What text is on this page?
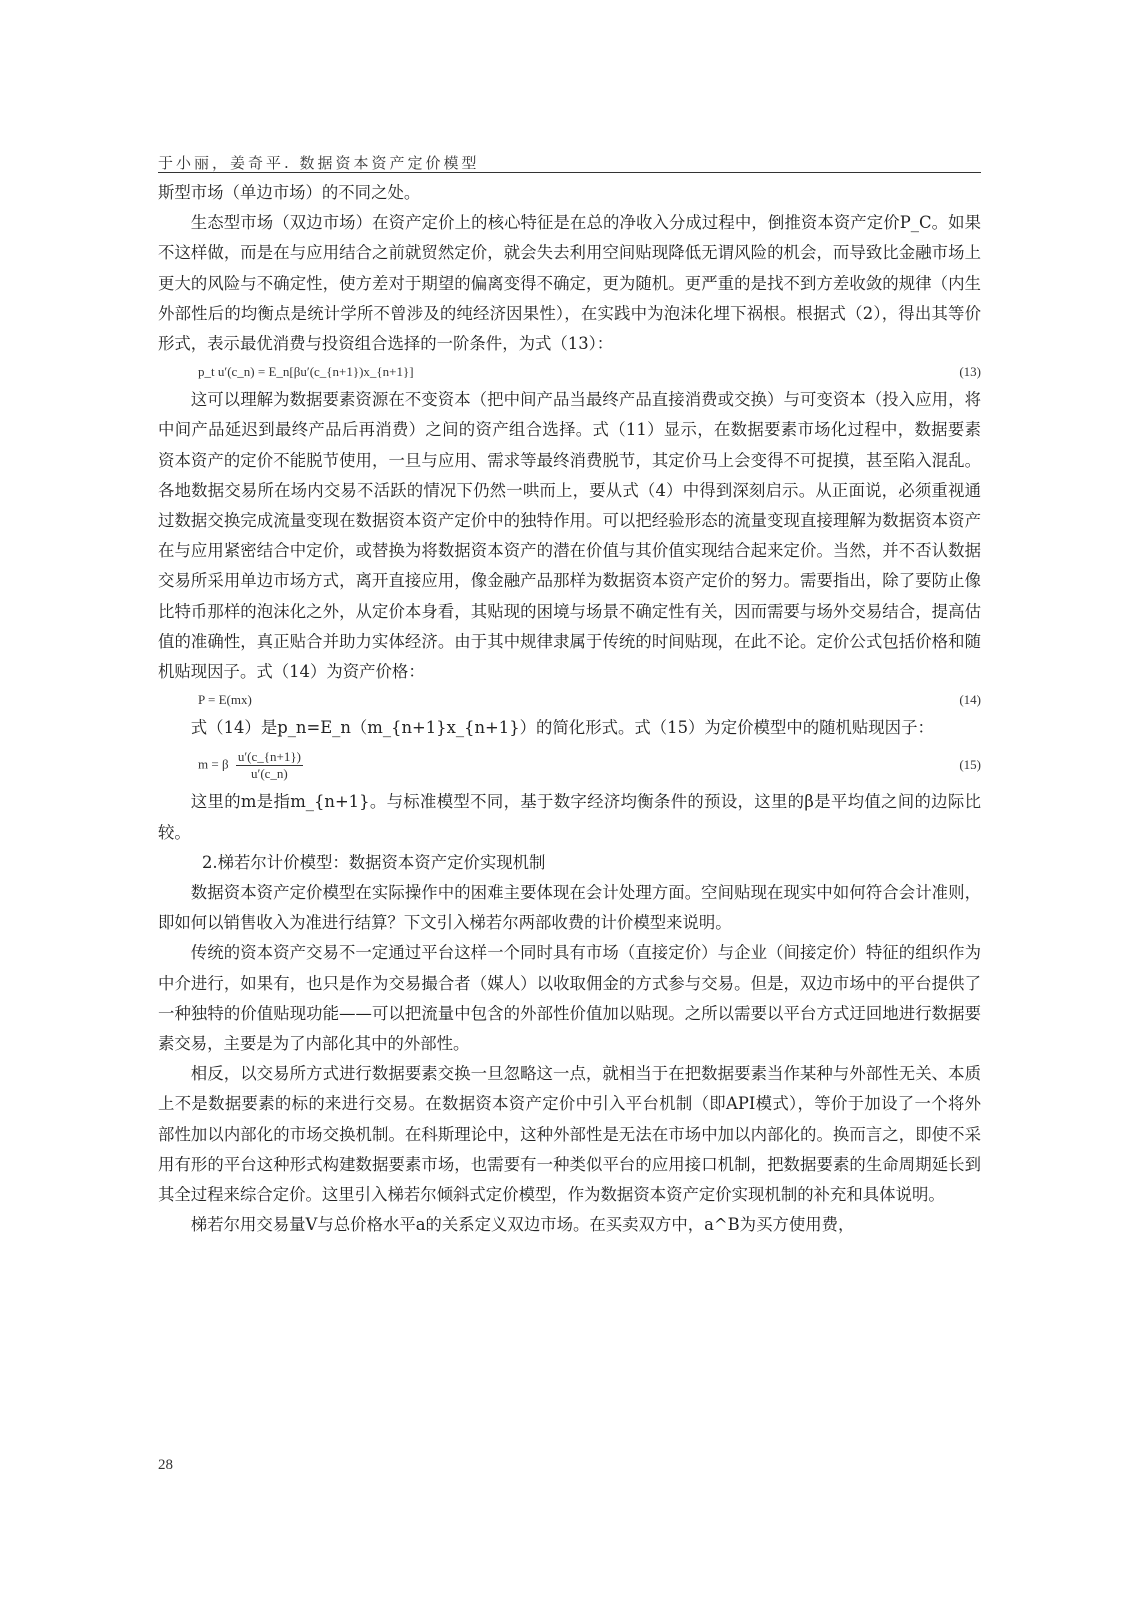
于小丽，姜奇平. 数据资本资产定价模型

斯型市场（单边市场）的不同之处。

生态型市场（双边市场）在资产定价上的核心特征是在总的净收入分成过程中，倒推资本资产定价P_C。如果不这样做，而是在与应用结合之前就贸然定价，就会失去利用空间贴现降低无谓风险的机会，而导致比金融市场上更大的风险与不确定性，使方差对于期望的偏离变得不确定，更为随机。更严重的是找不到方差收敛的规律（内生外部性后的均衡点是统计学所不曾涉及的纯经济因果性），在实践中为泡沫化埋下祸根。根据式（2），得出其等价形式，表示最优消费与投资组合选择的一阶条件，为式（13）：

p_t u′(c_n) = E_n[βu′(c_{n+1})x_{n+1}]	(13)

这可以理解为数据要素资源在不变资本（把中间产品当最终产品直接消费或交换）与可变资本（投入应用，将中间产品延迟到最终产品后再消费）之间的资产组合选择。式（11）显示，在数据要素市场化过程中，数据要素资本资产的定价不能脱节使用，一旦与应用、需求等最终消费脱节，其定价马上会变得不可捉摸，甚至陷入混乱。各地数据交易所在场内交易不活跃的情况下仍然一哄而上，要从式（4）中得到深刻启示。从正面说，必须重视通过数据交换完成流量变现在数据资本资产定价中的独特作用。可以把经验形态的流量变现直接理解为数据资本资产在与应用紧密结合中定价，或替换为将数据资本资产的潜在价值与其价值实现结合起来定价。当然，并不否认数据交易所采用单边市场方式，离开直接应用，像金融产品那样为数据资本资产定价的努力。需要指出，除了要防止像比特币那样的泡沫化之外，从定价本身看，其贴现的困境与场景不确定性有关，因而需要与场外交易结合，提高估值的准确性，真正贴合并助力实体经济。由于其中规律隶属于传统的时间贴现，在此不论。定价公式包括价格和随机贴现因子。式（14）为资产价格：

P = E(mx)	(14)

式（14）是p_n=E_n（m_{n+1}x_{n+1}）的简化形式。式（15）为定价模型中的随机贴现因子：

m = β $\frac{u'(c\_\{n+1\})}{u'(c\_n)}$	(15)

这里的m是指m_{n+1}。与标准模型不同，基于数字经济均衡条件的预设，这里的β是平均值之间的边际比较。

2.梯若尔计价模型：数据资本资产定价实现机制

数据资本资产定价模型在实际操作中的困难主要体现在会计处理方面。空间贴现在现实中如何符合会计准则，即如何以销售收入为准进行结算？下文引入梯若尔两部收费的计价模型来说明。

传统的资本资产交易不一定通过平台这样一个同时具有市场（直接定价）与企业（间接定价）特征的组织作为中介进行，如果有，也只是作为交易撮合者（媒人）以收取佣金的方式参与交易。但是，双边市场中的平台提供了一种独特的价值贴现功能——可以把流量中包含的外部性价值加以贴现。之所以需要以平台方式迂回地进行数据要素交易，主要是为了内部化其中的外部性。

相反，以交易所方式进行数据要素交换一旦忽略这一点，就相当于在把数据要素当作某种与外部性无关、本质上不是数据要素的标的来进行交易。在数据资本资产定价中引入平台机制（即API模式），等价于加设了一个将外部性加以内部化的市场交换机制。在科斯理论中，这种外部性是无法在市场中加以内部化的。换而言之，即使不采用有形的平台这种形式构建数据要素市场，也需要有一种类似平台的应用接口机制，把数据要素的生命周期延长到其全过程来综合定价。这里引入梯若尔倾斜式定价模型，作为数据资本资产定价实现机制的补充和具体说明。

梯若尔用交易量V与总价格水平a的关系定义双边市场。在买卖双方中，a^B为买方使用费，

28
